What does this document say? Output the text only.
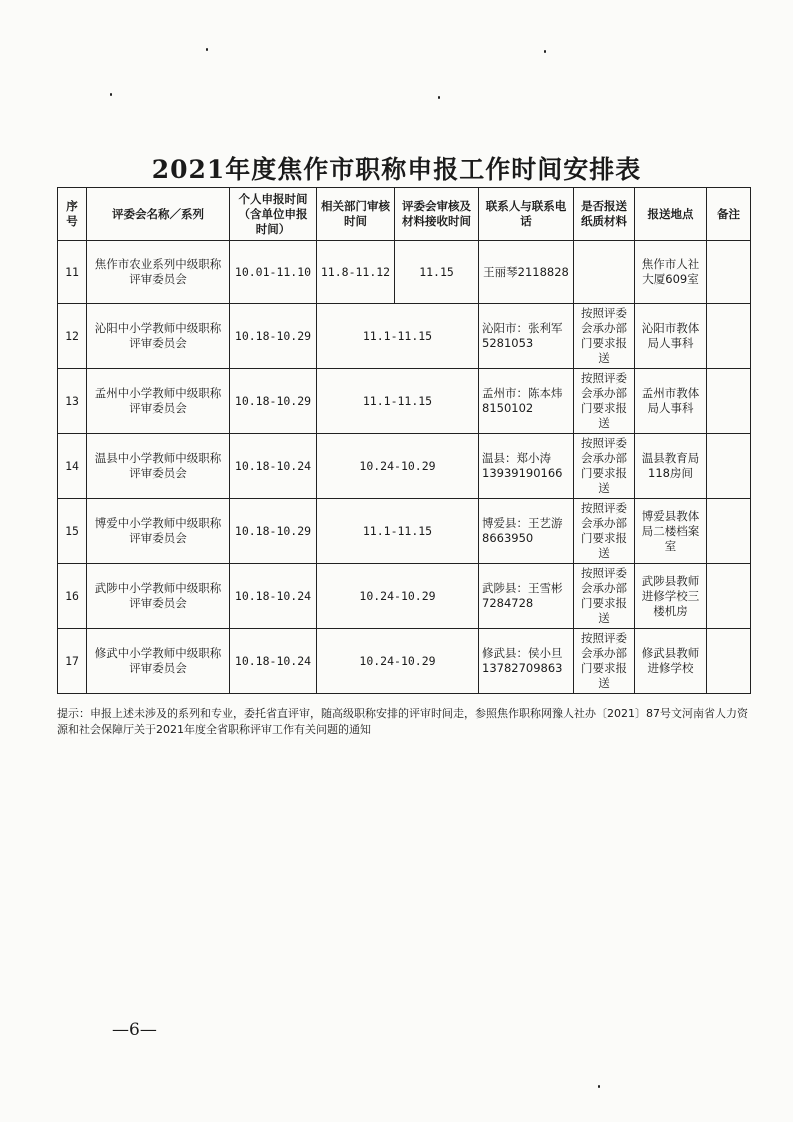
2021年度焦作市职称申报工作时间安排表
序号	评委会名称／系列	个人申报时间（含单位申报时间）	相关部门审核时间	评委会审核及材料接收时间	联系人与联系电话	是否报送纸质材料	报送地点	备注
11	焦作市农业系列中级职称评审委员会	10.01-11.10	11.8-11.12	11.15	王丽琴2118828		焦作市人社大厦609室	
12	沁阳中小学教师中级职称评审委员会	10.18-10.29	11.1-11.15		沁阳市：张利军 5281053	按照评委会承办部门要求报送	沁阳市教体局人事科	
13	孟州中小学教师中级职称评审委员会	10.18-10.29	11.1-11.15		孟州市：陈本炜8150102	按照评委会承办部门要求报送	孟州市教体局人事科	
14	温县中小学教师中级职称评审委员会	10.18-10.24	10.24-10.29		温县：郑小涛 13939190166	按照评委会承办部门要求报送	温县教育局118房间	
15	博爱中小学教师中级职称评审委员会	10.18-10.29	11.1-11.15		博爱县：王艺游 8663950	按照评委会承办部门要求报送	博爱县教体局二楼档案室	
16	武陟中小学教师中级职称评审委员会	10.18-10.24	10.24-10.29		武陟县：王雪彬 7284728	按照评委会承办部门要求报送	武陟县教师进修学校三楼机房	
17	修武中小学教师中级职称评审委员会	10.18-10.24	10.24-10.29		修武县：侯小旦 13782709863	按照评委会承办部门要求报送	修武县教师进修学校	
提示：申报上述未涉及的系列和专业，委托省直评审，随高级职称安排的评审时间走，参照焦作职称网豫人社办〔2021〕87号文河南省人力资源和社会保障厅关于2021年度全省职称评审工作有关问题的通知
—6—
